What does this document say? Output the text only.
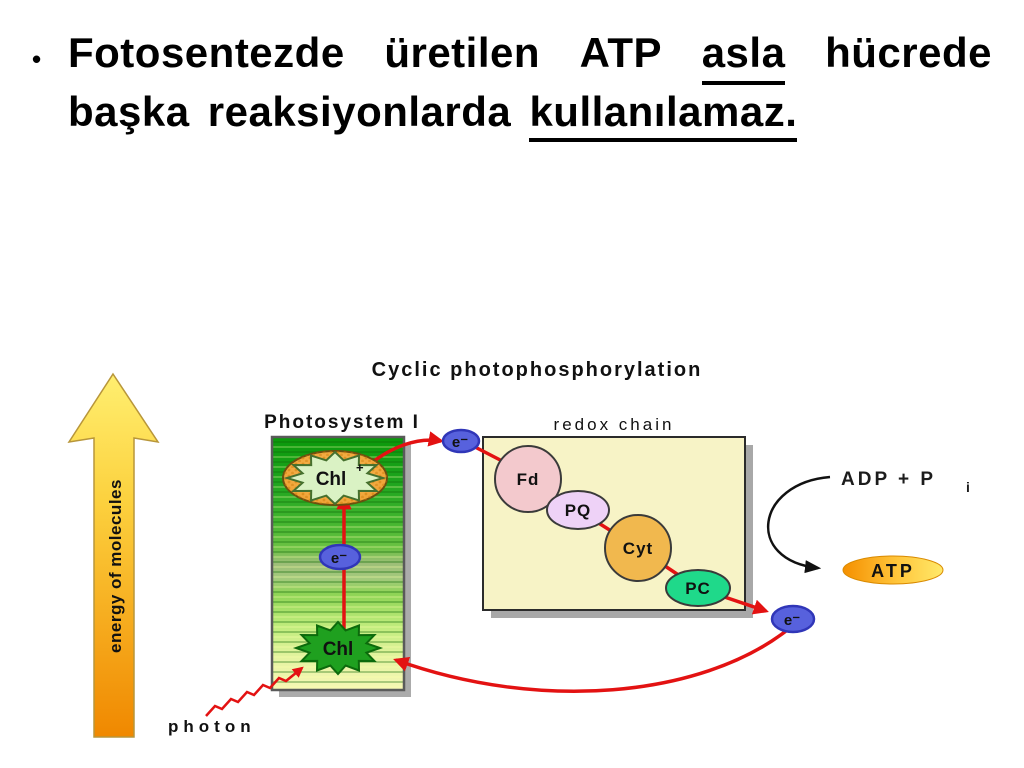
• Fotosentezde üretilen ATP asla hücrede
başka reaksiyonlarda kullanılamaz.
Cyclic photophosphorylation
energy of molecules
Photosystem I	redox chain
Chl
+
Chl
Fd
PQ
Cyt
PC
e⁻
e⁻
e⁻
ADP + P i
ATP
photon
